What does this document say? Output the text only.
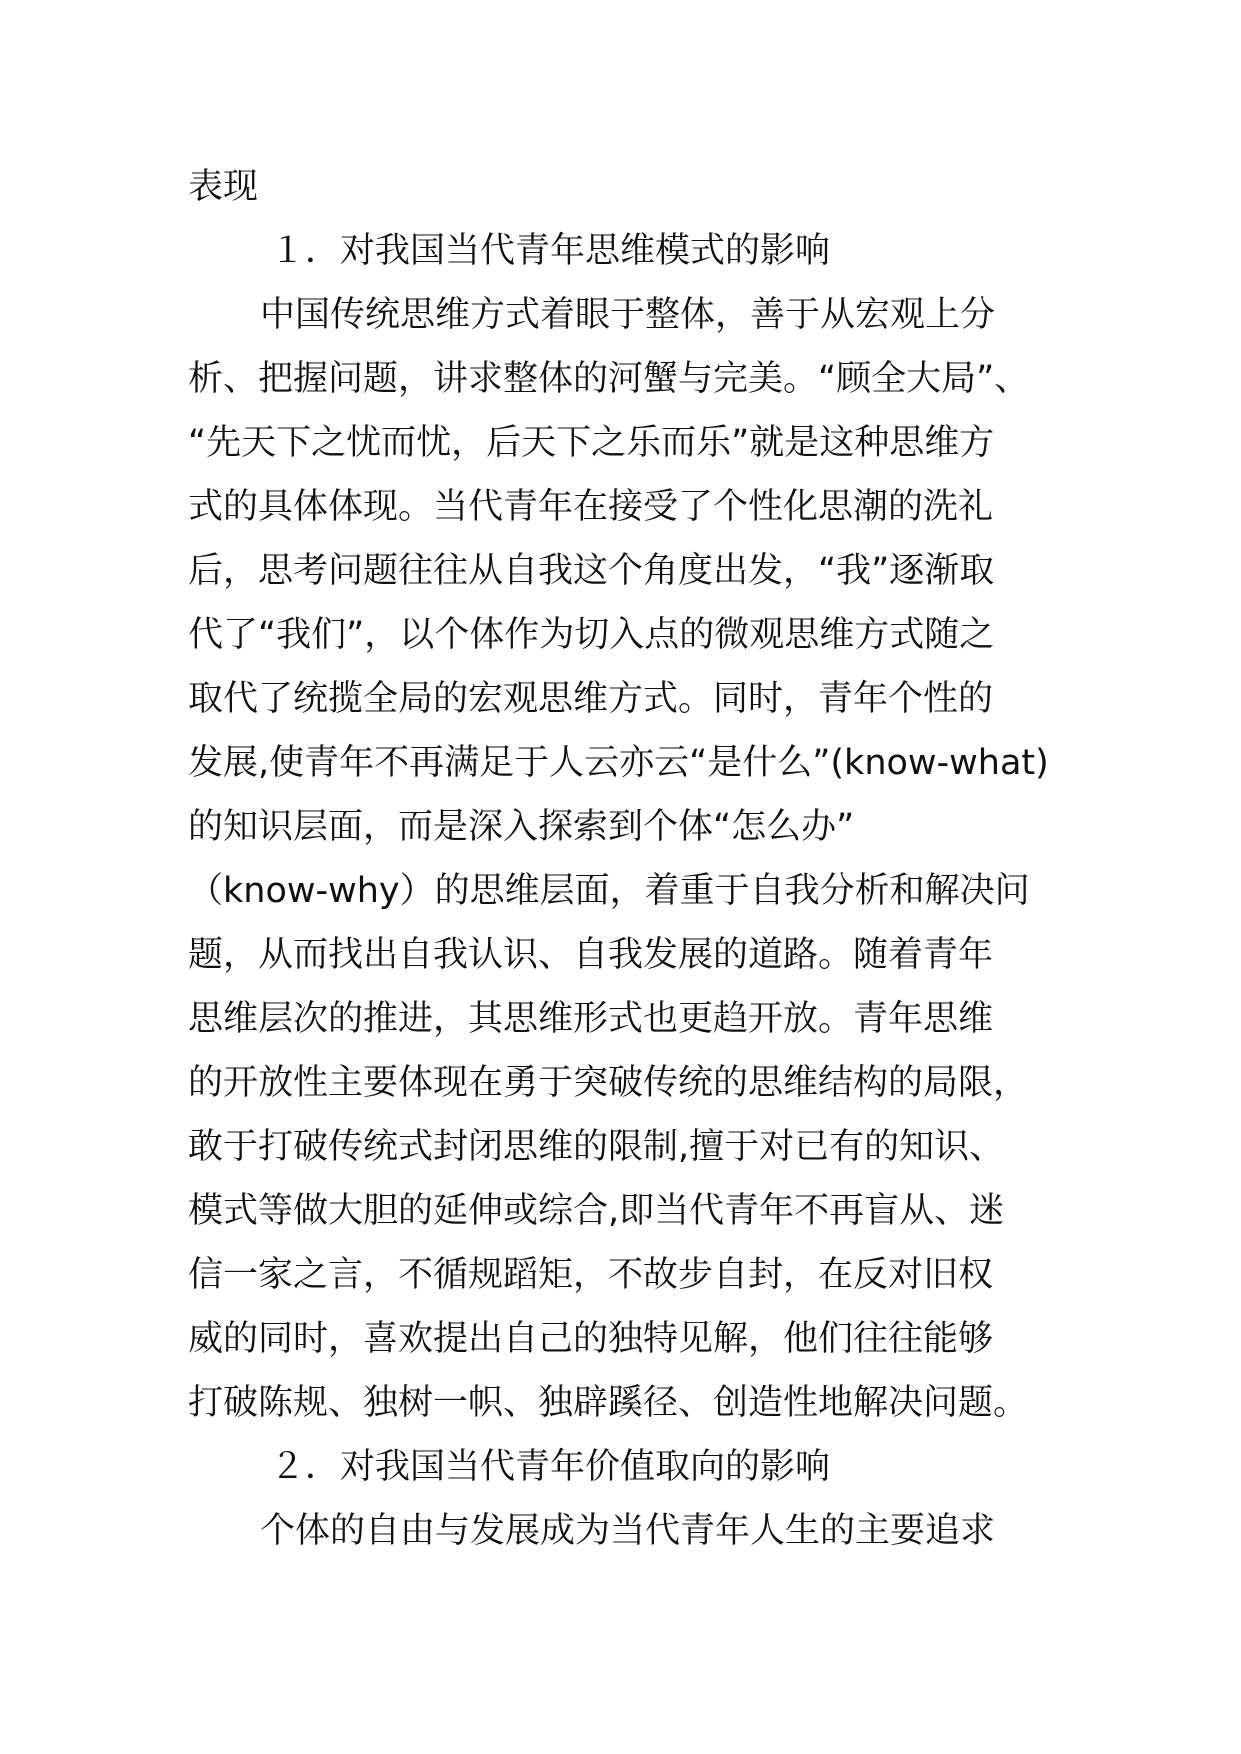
表现
１．对我国当代青年思维模式的影响
中国传统思维方式着眼于整体，善于从宏观上分
析、把握问题，讲求整体的河蟹与完美。“顾全大局”、
“先天下之忧而忧，后天下之乐而乐”就是这种思维方
式的具体体现。当代青年在接受了个性化思潮的洗礼
后，思考问题往往从自我这个角度出发，“我”逐渐取
代了“我们”，以个体作为切入点的微观思维方式随之
取代了统揽全局的宏观思维方式。同时，青年个性的
发展,使青年不再满足于人云亦云“是什么”(know-what)
的知识层面，而是深入探索到个体“怎么办”
（know-why）的思维层面，着重于自我分析和解决问
题，从而找出自我认识、自我发展的道路。随着青年
思维层次的推进，其思维形式也更趋开放。青年思维
的开放性主要体现在勇于突破传统的思维结构的局限，
敢于打破传统式封闭思维的限制,擅于对已有的知识、
模式等做大胆的延伸或综合,即当代青年不再盲从、迷
信一家之言，不循规蹈矩，不故步自封，在反对旧权
威的同时，喜欢提出自己的独特见解，他们往往能够
打破陈规、独树一帜、独辟蹊径、创造性地解决问题。
２．对我国当代青年价值取向的影响
个体的自由与发展成为当代青年人生的主要追求
